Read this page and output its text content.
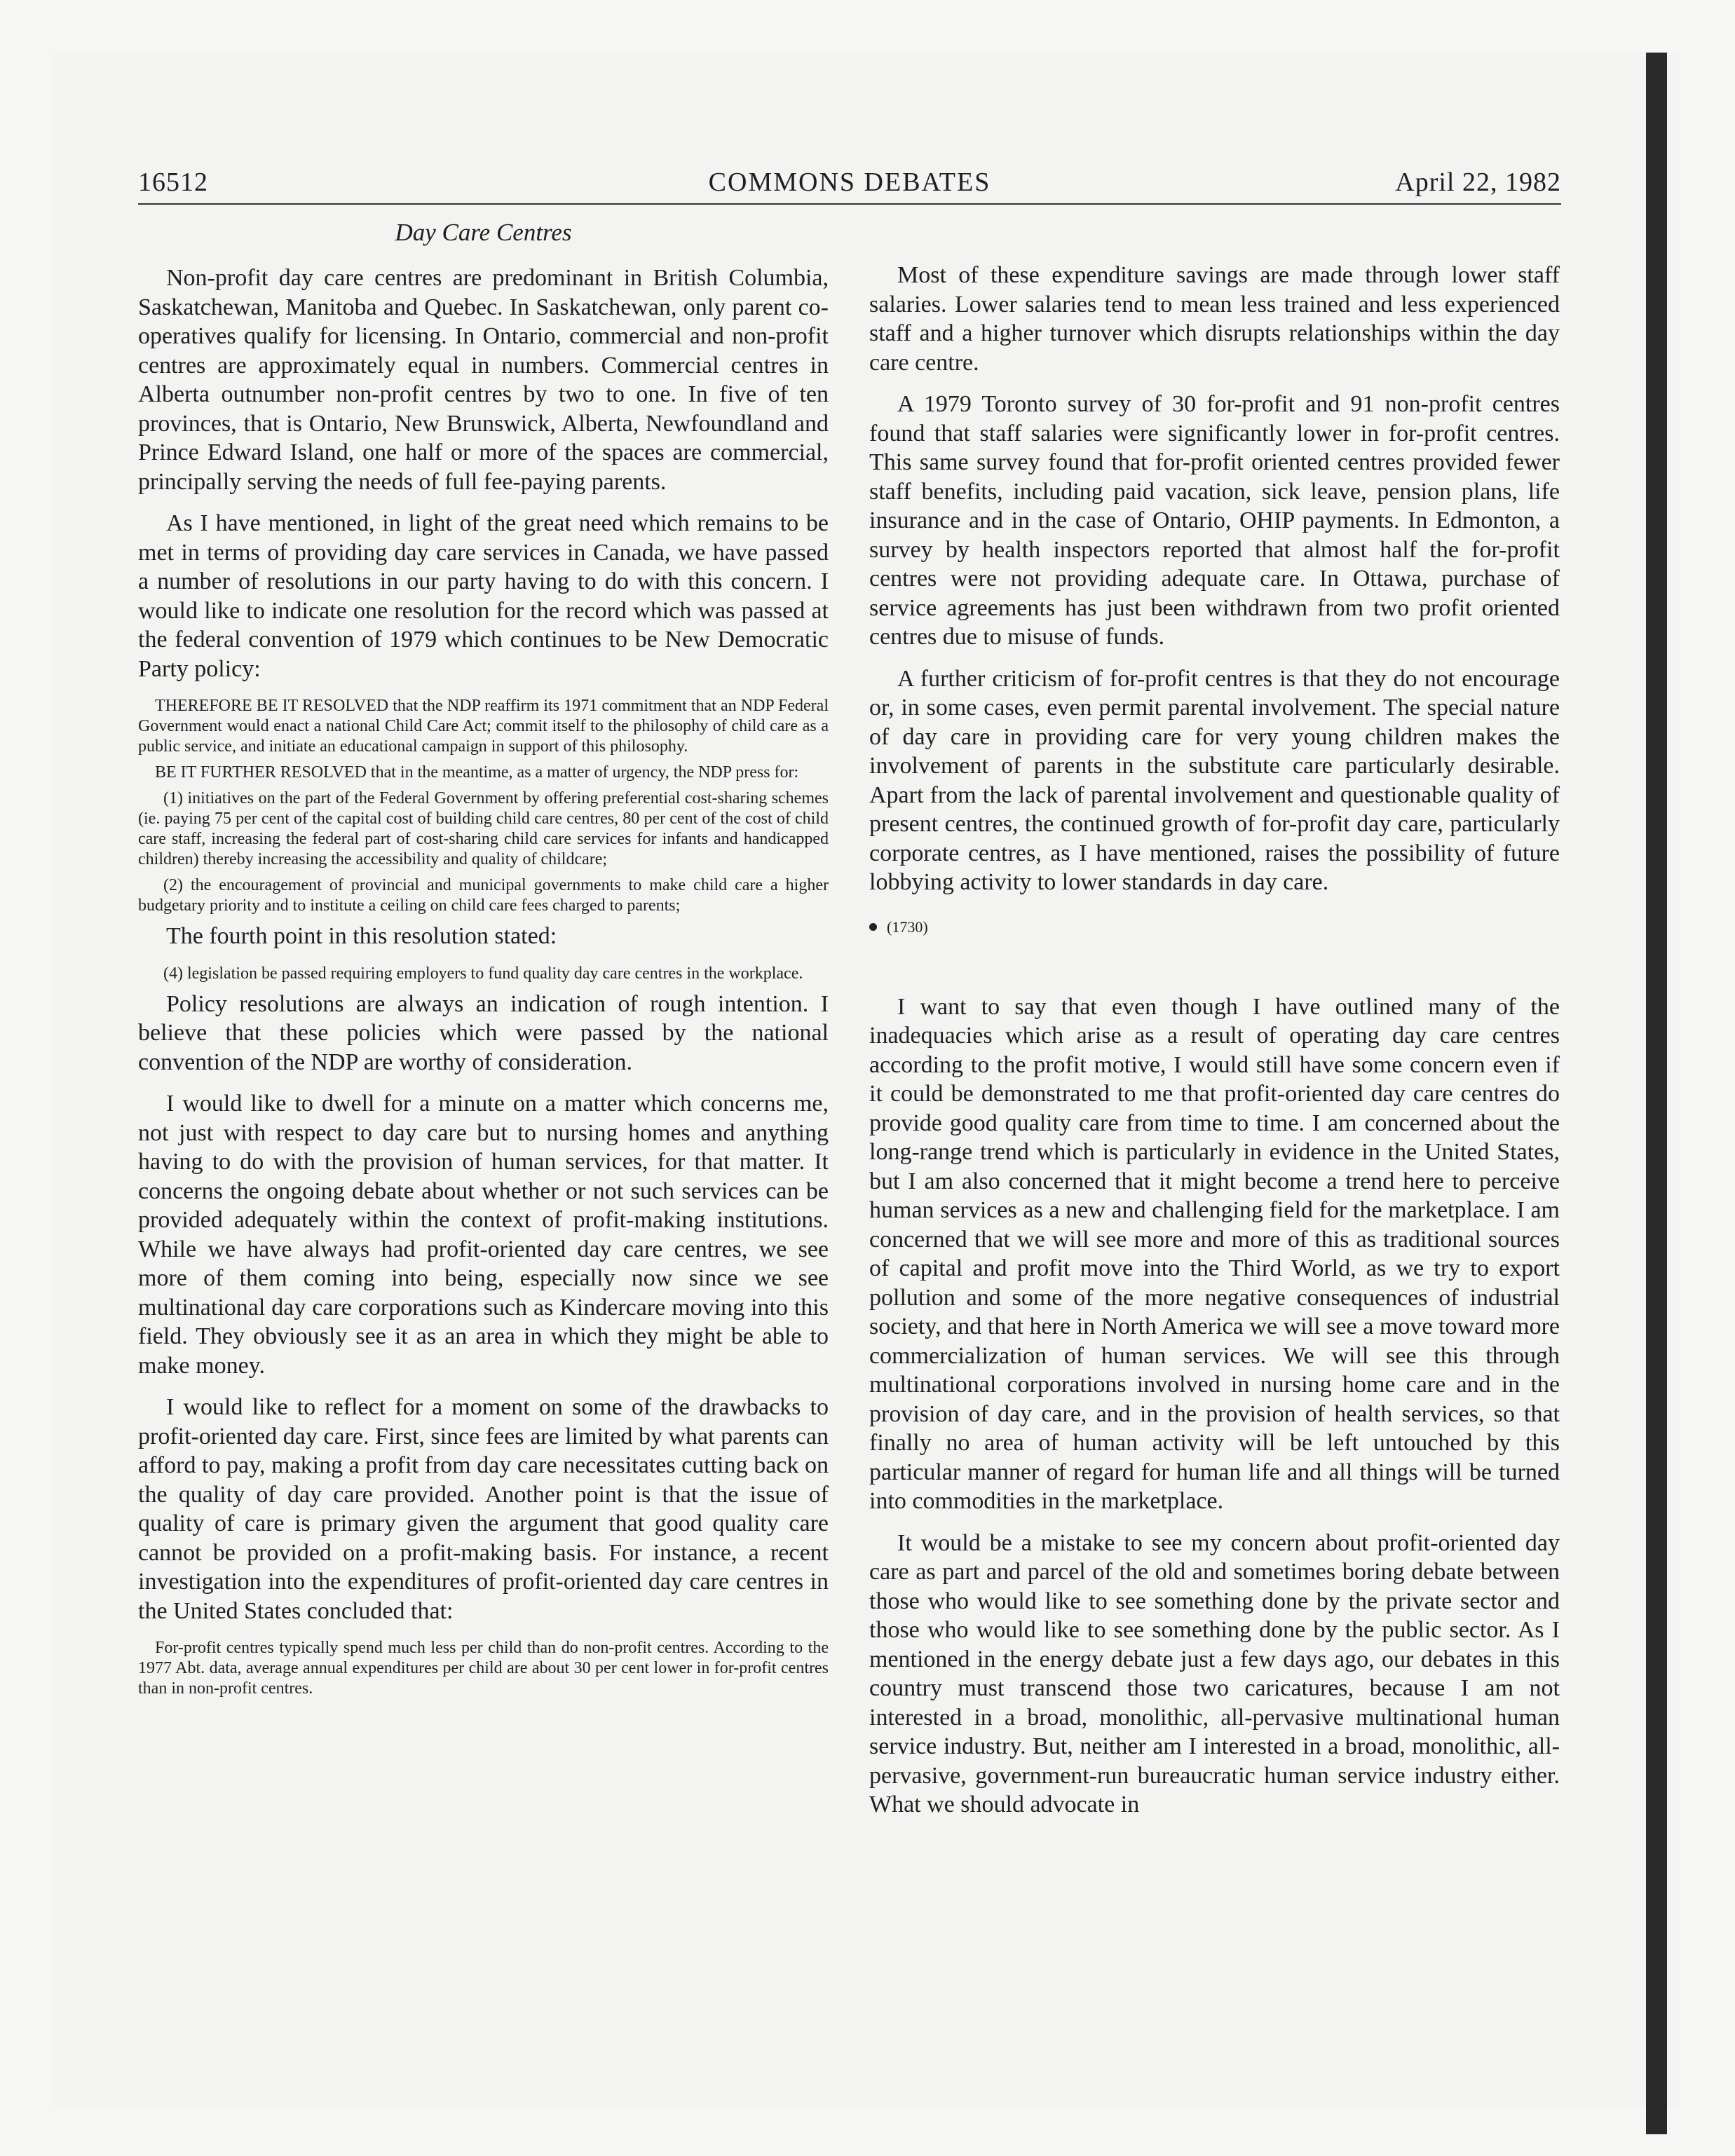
16512	COMMONS DEBATES	April 22, 1982
Day Care Centres

Non-profit day care centres are predominant in British Columbia, Saskatchewan, Manitoba and Quebec. In Saskatchewan, only parent co-operatives qualify for licensing. In Ontario, commercial and non-profit centres are approximately equal in numbers. Commercial centres in Alberta outnumber non-profit centres by two to one. In five of ten provinces, that is Ontario, New Brunswick, Alberta, Newfoundland and Prince Edward Island, one half or more of the spaces are commercial, principally serving the needs of full fee-paying parents.

As I have mentioned, in light of the great need which remains to be met in terms of providing day care services in Canada, we have passed a number of resolutions in our party having to do with this concern. I would like to indicate one resolution for the record which was passed at the federal convention of 1979 which continues to be New Democratic Party policy:

THEREFORE BE IT RESOLVED that the NDP reaffirm its 1971 commitment that an NDP Federal Government would enact a national Child Care Act; commit itself to the philosophy of child care as a public service, and initiate an educational campaign in support of this philosophy.

BE IT FURTHER RESOLVED that in the meantime, as a matter of urgency, the NDP press for:

(1) initiatives on the part of the Federal Government by offering preferential cost-sharing schemes (ie. paying 75 per cent of the capital cost of building child care centres, 80 per cent of the cost of child care staff, increasing the federal part of cost-sharing child care services for infants and handicapped children) thereby increasing the accessibility and quality of childcare;

(2) the encouragement of provincial and municipal governments to make child care a higher budgetary priority and to institute a ceiling on child care fees charged to parents;

The fourth point in this resolution stated:

(4) legislation be passed requiring employers to fund quality day care centres in the workplace.

Policy resolutions are always an indication of rough intention. I believe that these policies which were passed by the national convention of the NDP are worthy of consideration.

I would like to dwell for a minute on a matter which concerns me, not just with respect to day care but to nursing homes and anything having to do with the provision of human services, for that matter. It concerns the ongoing debate about whether or not such services can be provided adequately within the context of profit-making institutions. While we have always had profit-oriented day care centres, we see more of them coming into being, especially now since we see multinational day care corporations such as Kindercare moving into this field. They obviously see it as an area in which they might be able to make money.

I would like to reflect for a moment on some of the drawbacks to profit-oriented day care. First, since fees are limited by what parents can afford to pay, making a profit from day care necessitates cutting back on the quality of day care provided. Another point is that the issue of quality of care is primary given the argument that good quality care cannot be provided on a profit-making basis. For instance, a recent investigation into the expenditures of profit-oriented day care centres in the United States concluded that:

For-profit centres typically spend much less per child than do non-profit centres. According to the 1977 Abt. data, average annual expenditures per child are about 30 per cent lower in for-profit centres than in non-profit centres.

Most of these expenditure savings are made through lower staff salaries. Lower salaries tend to mean less trained and less experienced staff and a higher turnover which disrupts relationships within the day care centre.

A 1979 Toronto survey of 30 for-profit and 91 non-profit centres found that staff salaries were significantly lower in for-profit centres. This same survey found that for-profit oriented centres provided fewer staff benefits, including paid vacation, sick leave, pension plans, life insurance and in the case of Ontario, OHIP payments. In Edmonton, a survey by health inspectors reported that almost half the for-profit centres were not providing adequate care. In Ottawa, purchase of service agreements has just been withdrawn from two profit oriented centres due to misuse of funds.

A further criticism of for-profit centres is that they do not encourage or, in some cases, even permit parental involvement. The special nature of day care in providing care for very young children makes the involvement of parents in the substitute care particularly desirable. Apart from the lack of parental involvement and questionable quality of present centres, the continued growth of for-profit day care, particularly corporate centres, as I have mentioned, raises the possibility of future lobbying activity to lower standards in day care.

(1730)

I want to say that even though I have outlined many of the inadequacies which arise as a result of operating day care centres according to the profit motive, I would still have some concern even if it could be demonstrated to me that profit-oriented day care centres do provide good quality care from time to time. I am concerned about the long-range trend which is particularly in evidence in the United States, but I am also concerned that it might become a trend here to perceive human services as a new and challenging field for the marketplace. I am concerned that we will see more and more of this as traditional sources of capital and profit move into the Third World, as we try to export pollution and some of the more negative consequences of industrial society, and that here in North America we will see a move toward more commercialization of human services. We will see this through multinational corporations involved in nursing home care and in the provision of day care, and in the provision of health services, so that finally no area of human activity will be left untouched by this particular manner of regard for human life and all things will be turned into commodities in the marketplace.

It would be a mistake to see my concern about profit-oriented day care as part and parcel of the old and sometimes boring debate between those who would like to see something done by the private sector and those who would like to see something done by the public sector. As I mentioned in the energy debate just a few days ago, our debates in this country must transcend those two caricatures, because I am not interested in a broad, monolithic, all-pervasive multinational human service industry. But, neither am I interested in a broad, monolithic, all-pervasive, government-run bureaucratic human service industry either. What we should advocate in
